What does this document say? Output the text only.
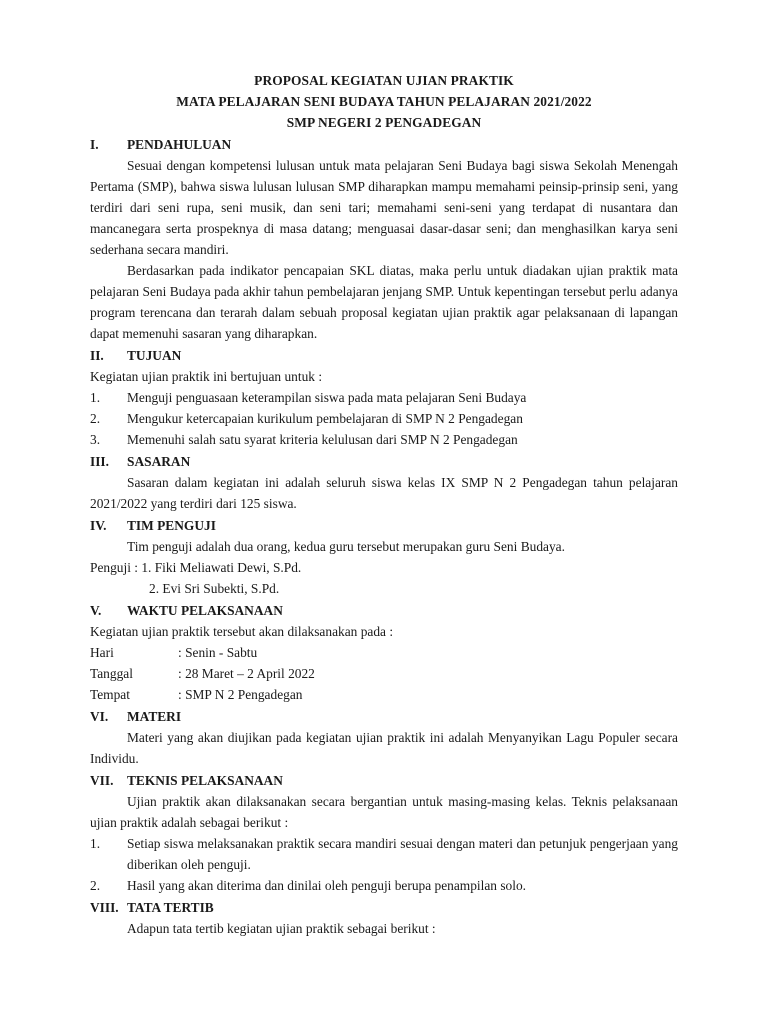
PROPOSAL KEGIATAN UJIAN PRAKTIK
MATA PELAJARAN SENI BUDAYA TAHUN PELAJARAN 2021/2022
SMP NEGERI 2 PENGADEGAN
I.	PENDAHULUAN
Sesuai dengan kompetensi lulusan untuk mata pelajaran Seni Budaya bagi siswa Sekolah Menengah Pertama (SMP), bahwa siswa lulusan lulusan SMP diharapkan mampu memahami peinsip-prinsip seni, yang terdiri dari seni rupa, seni musik, dan seni tari; memahami seni-seni yang terdapat di nusantara dan mancanegara serta prospeknya di masa datang; menguasai dasar-dasar seni; dan menghasilkan karya seni sederhana secara mandiri.
Berdasarkan pada indikator pencapaian SKL diatas, maka perlu untuk diadakan ujian praktik mata pelajaran Seni Budaya pada akhir tahun pembelajaran jenjang SMP. Untuk kepentingan tersebut perlu adanya program terencana dan terarah dalam sebuah proposal kegiatan ujian praktik agar pelaksanaan di lapangan dapat memenuhi sasaran yang diharapkan.
II.	TUJUAN
Kegiatan ujian praktik ini bertujuan untuk :
1.	Menguji penguasaan keterampilan siswa pada mata pelajaran Seni Budaya
2.	Mengukur ketercapaian kurikulum pembelajaran di SMP N 2 Pengadegan
3.	Memenuhi salah satu syarat kriteria kelulusan dari SMP N 2 Pengadegan
III.	SASARAN
Sasaran dalam kegiatan ini adalah seluruh siswa kelas IX SMP N 2 Pengadegan tahun pelajaran 2021/2022 yang terdiri dari 125 siswa.
IV.	TIM PENGUJI
Tim penguji adalah dua orang, kedua guru tersebut merupakan guru Seni Budaya.
Penguji : 1. Fiki Meliawati Dewi, S.Pd.
2. Evi Sri Subekti, S.Pd.
V.	WAKTU PELAKSANAAN
Kegiatan ujian praktik tersebut akan dilaksanakan pada :
Hari	: Senin - Sabtu
Tanggal	: 28 Maret – 2 April 2022
Tempat	: SMP N 2 Pengadegan
VI.	MATERI
Materi yang akan diujikan pada kegiatan ujian praktik ini adalah Menyanyikan Lagu Populer secara Individu.
VII.	TEKNIS PELAKSANAAN
Ujian praktik akan dilaksanakan secara bergantian untuk masing-masing kelas. Teknis pelaksanaan ujian praktik adalah sebagai berikut :
1.	Setiap siswa melaksanakan praktik secara mandiri sesuai dengan materi dan petunjuk pengerjaan yang diberikan oleh penguji.
2.	Hasil yang akan diterima dan dinilai oleh penguji berupa penampilan solo.
VIII. TATA TERTIB
Adapun tata tertib kegiatan ujian praktik sebagai berikut :
